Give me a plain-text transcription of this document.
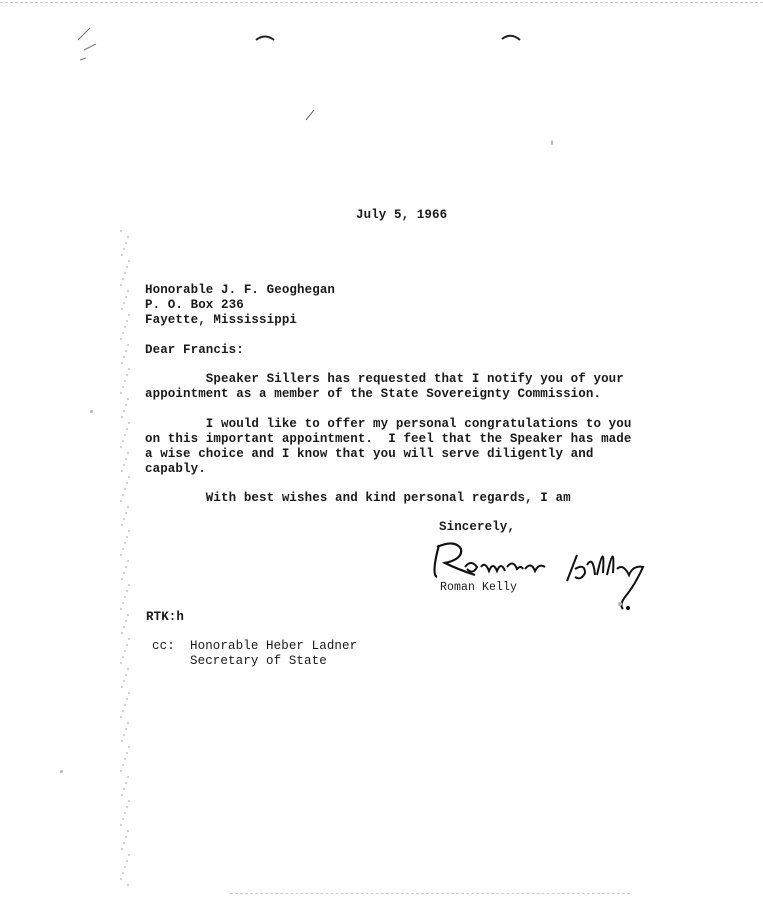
July 5, 1966
Honorable J. F. Geoghegan
P. O. Box 236
Fayette, Mississippi
Dear Francis:
Speaker Sillers has requested that I notify you of your
appointment as a member of the State Sovereignty Commission.
I would like to offer my personal congratulations to you
on this important appointment.  I feel that the Speaker has made
a wise choice and I know that you will serve diligently and
capably.
With best wishes and kind personal regards, I am
Sincerely,
Roman Kelly
RTK:h
cc:  Honorable Heber Ladner
Secretary of State
